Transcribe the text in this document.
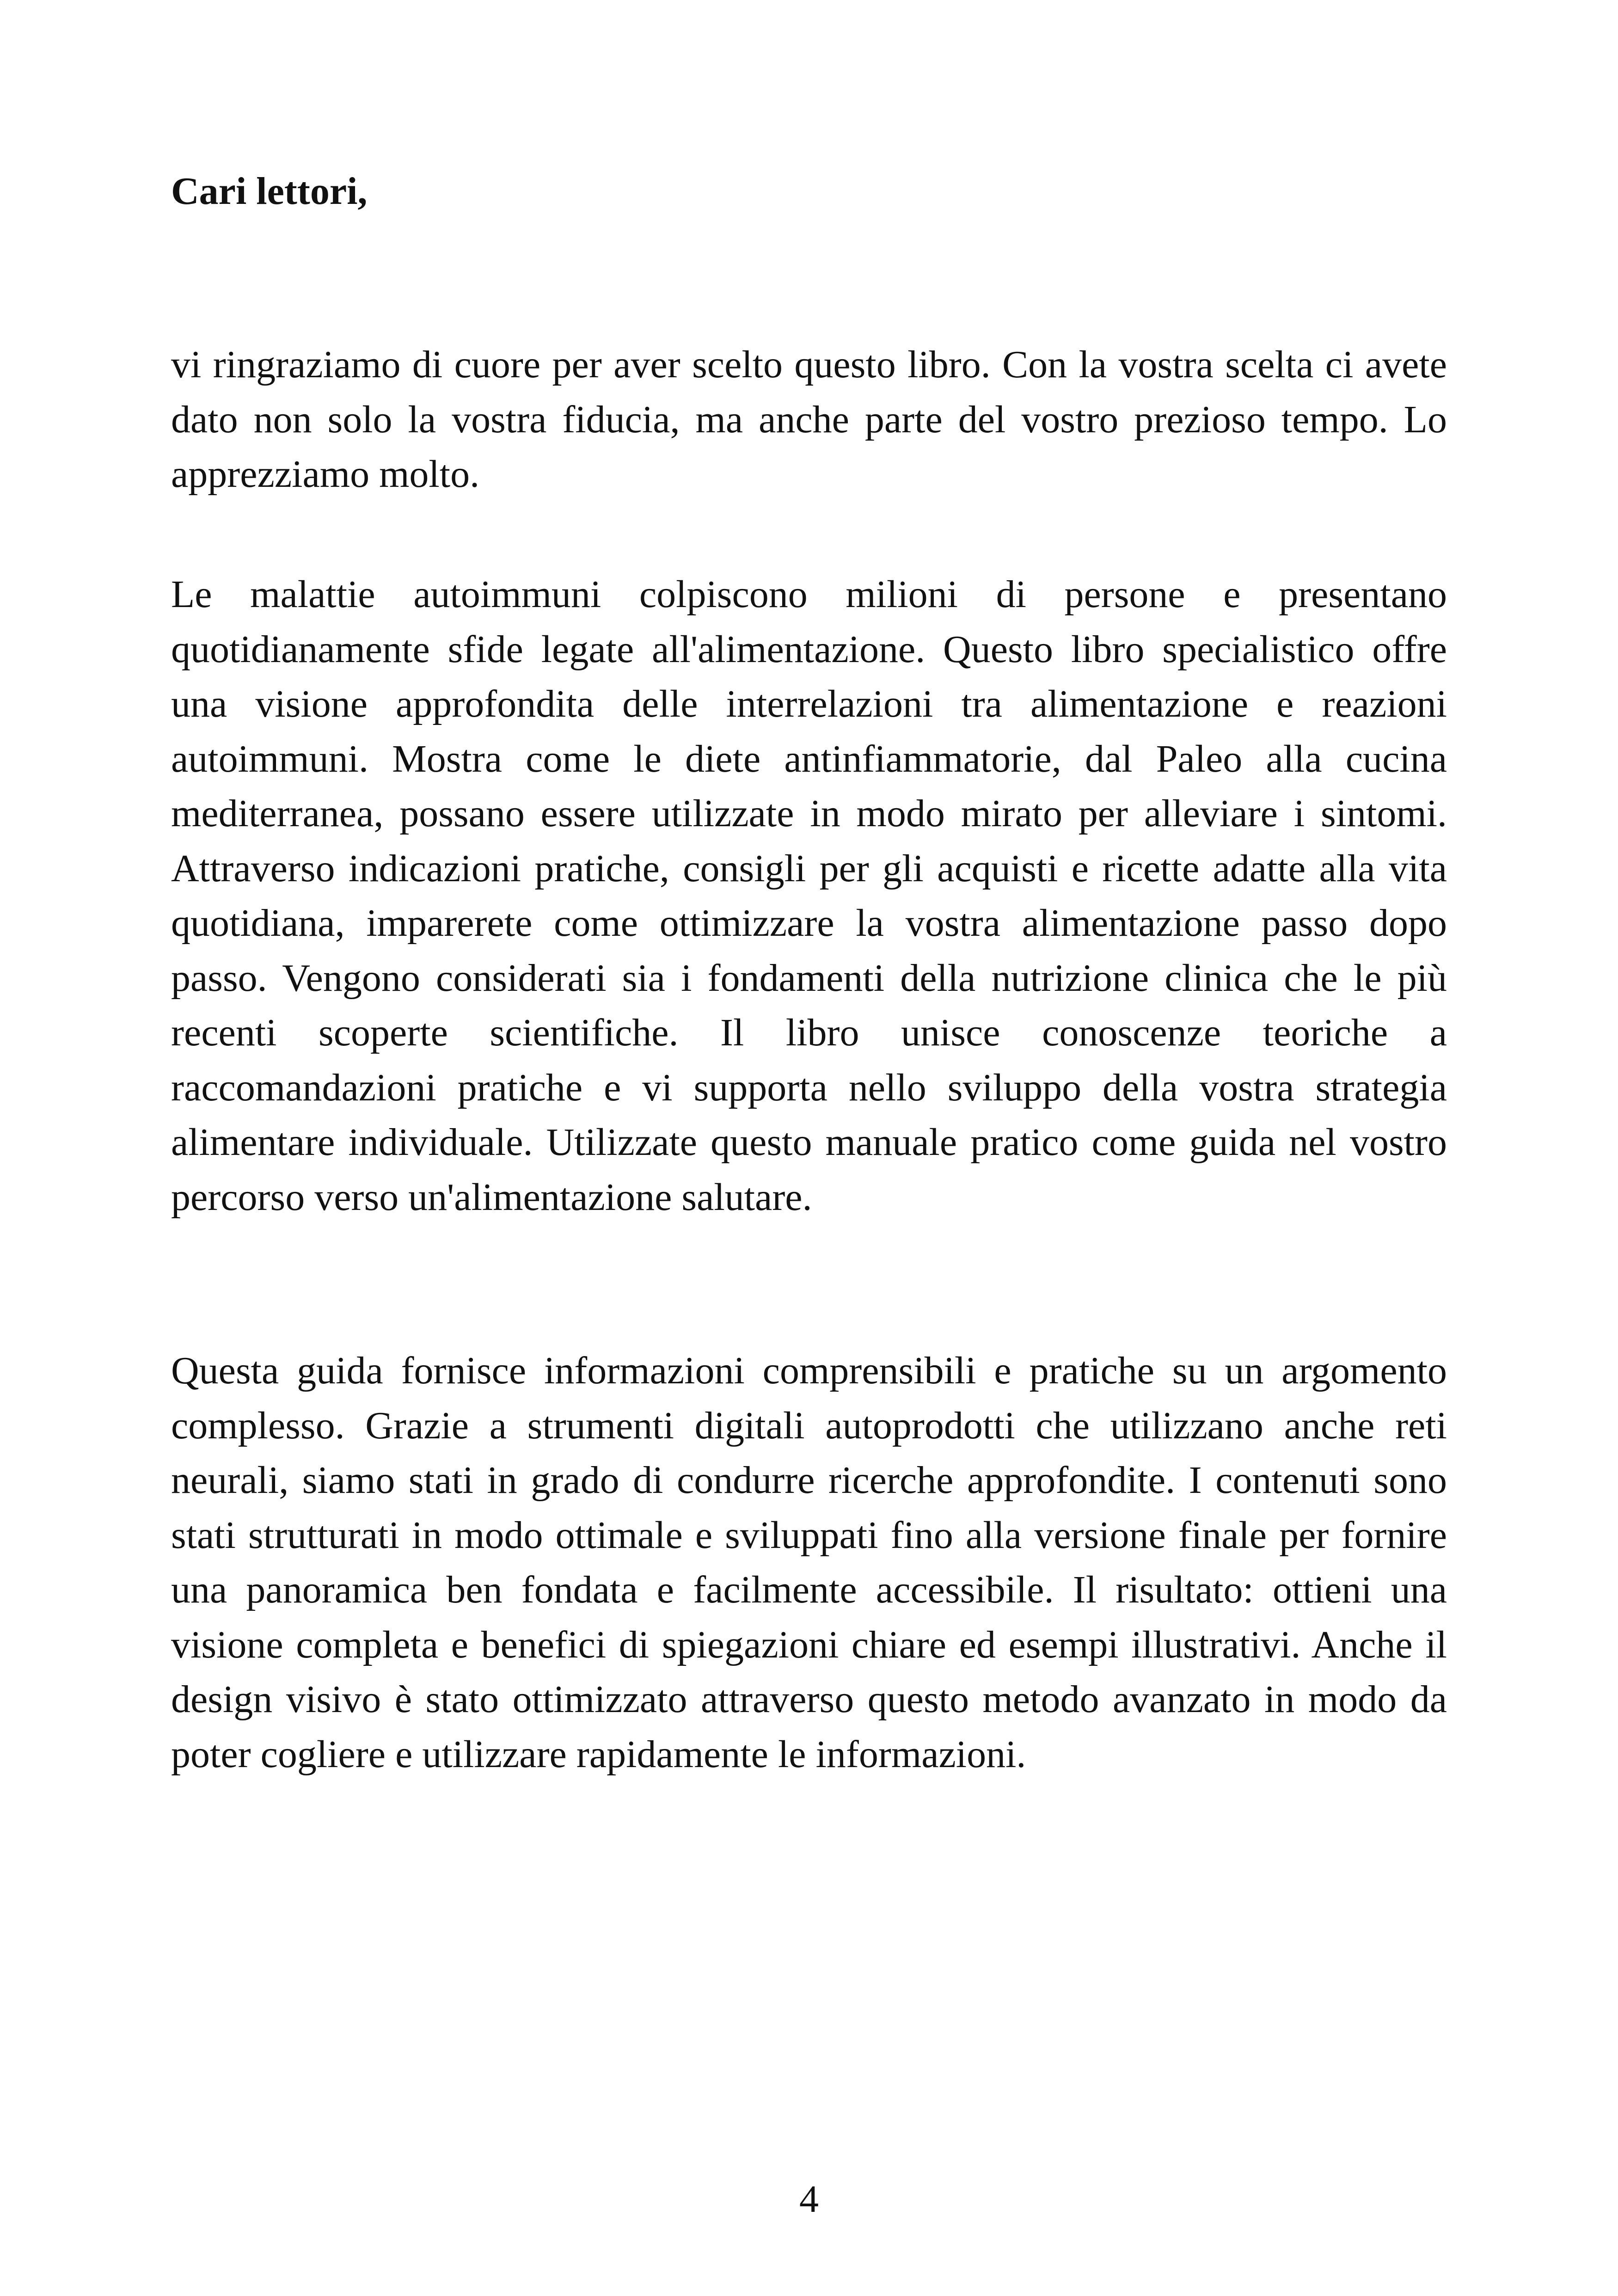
Cari lettori,

vi ringraziamo di cuore per aver scelto questo libro. Con la vostra scelta ci avete dato non solo la vostra fiducia, ma anche parte del vostro prezioso tempo. Lo apprezziamo molto.

Le malattie autoimmuni colpiscono milioni di persone e presentano quotidianamente sfide legate all'alimentazione. Questo libro specialistico offre una visione approfondita delle interrelazioni tra alimentazione e reazioni autoimmuni. Mostra come le diete antinfiammatorie, dal Paleo alla cucina mediterranea, possano essere utilizzate in modo mirato per alleviare i sintomi. Attraverso indicazioni pratiche, consigli per gli acquisti e ricette adatte alla vita quotidiana, imparerete come ottimizzare la vostra alimentazione passo dopo passo. Vengono considerati sia i fondamenti della nutrizione clinica che le più recenti scoperte scientifiche. Il libro unisce conoscenze teoriche a raccomandazioni pratiche e vi supporta nello sviluppo della vostra strategia alimentare individuale. Utilizzate questo manuale pratico come guida nel vostro percorso verso un'alimentazione salutare.

Questa guida fornisce informazioni comprensibili e pratiche su un argomento complesso. Grazie a strumenti digitali autoprodotti che utilizzano anche reti neurali, siamo stati in grado di condurre ricerche approfondite. I contenuti sono stati strutturati in modo ottimale e sviluppati fino alla versione finale per fornire una panoramica ben fondata e facilmente accessibile. Il risultato: ottieni una visione completa e benefici di spiegazioni chiare ed esempi illustrativi. Anche il design visivo è stato ottimizzato attraverso questo metodo avanzato in modo da poter cogliere e utilizzare rapidamente le informazioni.

4
